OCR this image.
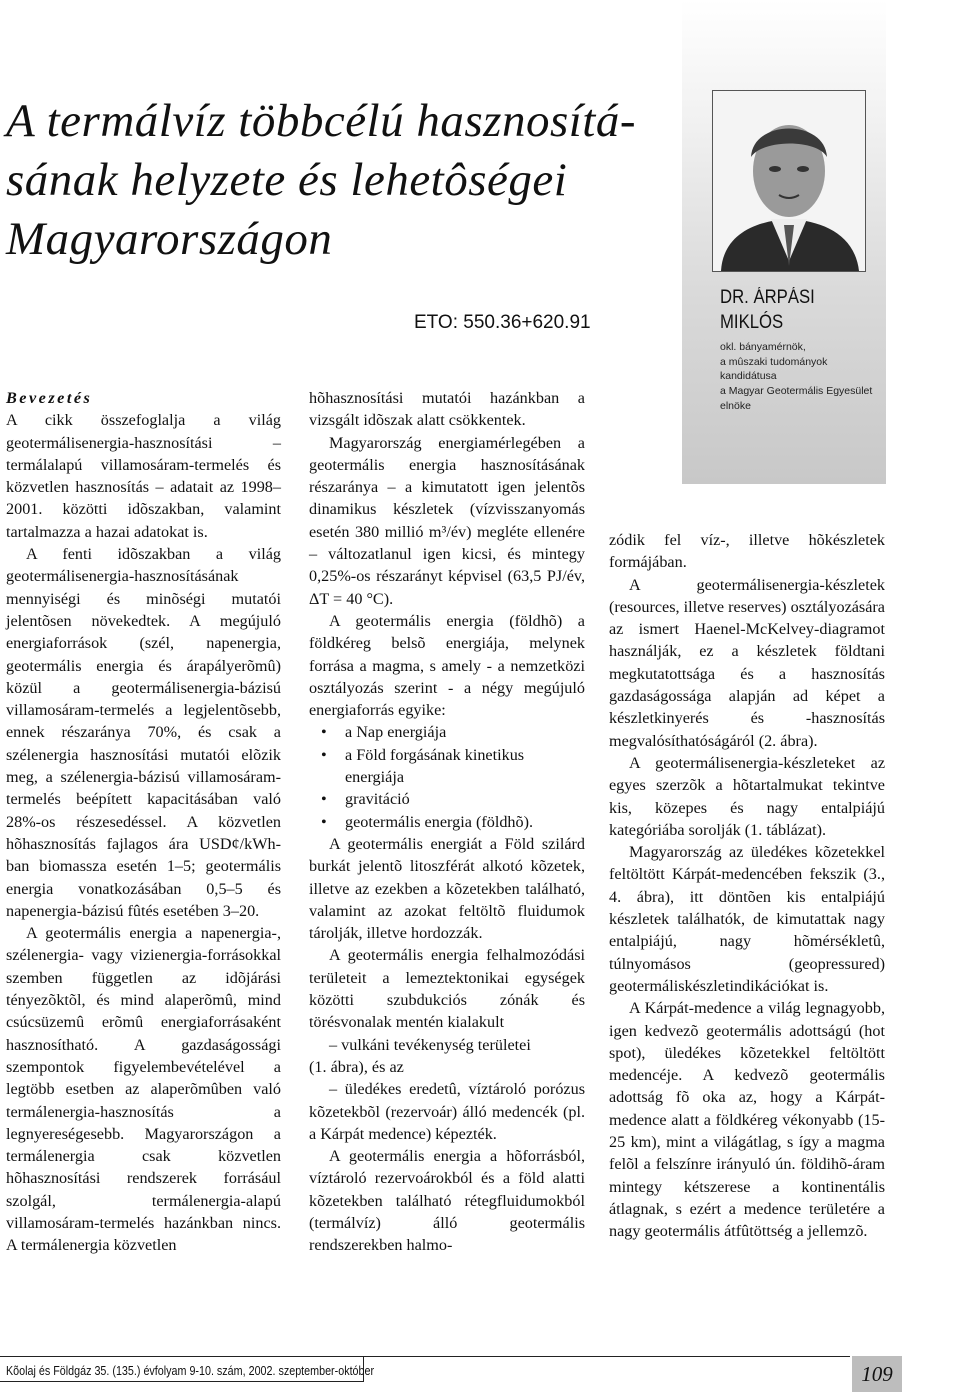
A termálvíz többcélú hasznosítá-
sának helyzete és lehetôségei
Magyarországon
ETO: 550.36+620.91
DR. ÁRPÁSI
MIKLÓS
okl. bányamérnök,
a mûszaki tudományok
kandidátusa
a Magyar Geotermális Egyesület
elnöke

Bevezetés

A cikk összefoglalja a világ geotermálisenergia-hasznosítási – termálalapú villamosáram-termelés és közvetlen hasznosítás – adatait az 1998–2001. közötti idõszakban, valamint tartalmazza a hazai adatokat is.

A fenti idõszakban a világ geotermálisenergia-hasznosításának mennyiségi és minõségi mutatói jelentõsen növekedtek. A megújuló energiaforrások (szél, napenergia, geotermális energia és árapályerõmû) közül a geotermálisenergia-bázisú villamosáram-termelés a legjelentõsebb, ennek részaránya 70%, és csak a szélenergia hasznosítási mutatói elõzik meg, a szélenergia-bázisú villamosáram-termelés beépített kapacitásában való 28%-os részesedéssel. A közvetlen hõhasznosítás fajlagos ára USD¢/kWh-ban biomassza esetén 1–5; geotermális energia vonatkozásában 0,5–5 és napenergia-bázisú fûtés esetében 3–20.

A geotermális energia a napenergia-, szélenergia- vagy vizienergia-forrásokkal szemben független az idõjárási tényezõktõl, és mind alaperõmû, mind csúcsüzemû erõmû energiaforrásaként hasznosítható. A gazdaságossági szempontok figyelembevételével a legtöbb esetben az alaperõmûben való termálenergia-hasznosítás a legnyereségesebb. Magyarországon a termálenergia csak közvetlen hõhasznosítási rendszerek forrásául szolgál, termálenergia-alapú villamosáram-termelés hazánkban nincs. A termálenergia közvetlen

hõhasznosítási mutatói hazánkban a vizsgált idõszak alatt csökkentek.

Magyarország energiamérlegében a geotermális energia hasznosításának részaránya – a kimutatott igen jelentõs dinamikus készletek (vízvisszanyomás esetén 380 millió m³/év) megléte ellenére – változatlanul igen kicsi, és mintegy 0,25%-os részarányt képvisel (63,5 PJ/év, ΔT = 40 °C).

A geotermális energia (földhõ) a földkéreg belsõ energiája, melynek forrása a magma, s amely - a nemzetközi osztályozás szerint - a négy megújuló energiaforrás egyike:

• a Nap energiája
• a Föld forgásának kinetikus energiája
• gravitáció
• geotermális energia (földhõ).

A geotermális energiát a Föld szilárd burkát jelentõ litoszférát alkotó kõzetek, illetve az ezekben a kõzetekben található, valamint az azokat feltöltõ fluidumok tárolják, illetve hordozzák.

A geotermális energia felhalmozódási területeit a lemeztektonikai egységek közötti szubdukciós zónák és törésvonalak mentén kialakult

– vulkáni tevékenység területei

(1. ábra), és az

– üledékes eredetû, víztároló porózus kõzetekbõl (rezervoár) álló medencék (pl. a Kárpát medence) képezték.

A geotermális energia a hõforrásból, víztároló rezervoárokból és a föld alatti kõzetekben található rétegfluidumokból (termálvíz) álló geotermális rendszerekben halmo-

zódik fel víz-, illetve hõkészletek formájában.

A geotermálisenergia-készletek (resources, illetve reserves) osztályozására az ismert Haenel-McKelvey-diagramot használják, ez a készletek földtani megkutatottsága és a hasznosítás gazdaságossága alapján ad képet a készletkinyerés és -hasznosítás megvalósíthatóságáról (2. ábra).

A geotermálisenergia-készleteket az egyes szerzõk a hõtartalmukat tekintve kis, közepes és nagy entalpiájú kategóriába sorolják (1. táblázat).

Magyarország az üledékes kõzetekkel feltöltött Kárpát-medencében fekszik (3., 4. ábra), itt döntõen kis entalpiájú készletek találhatók, de kimutattak nagy entalpiájú, nagy hõmérsékletû, túlnyomásos (geopressured) geotermáliskészletindikációkat is.

A Kárpát-medence a világ legnagyobb, igen kedvezõ geotermális adottságú (hot spot), üledékes kõzetekkel feltöltött medencéje. A kedvezõ geotermális adottság fõ oka az, hogy a Kárpát-medence alatt a földkéreg vékonyabb (15-25 km), mint a világátlag, s így a magma felõl a felszínre irányuló ún. földihõ-áram mintegy kétszerese a kontinentális átlagnak, s ezért a medence területére a nagy geotermális átfûtöttség a jellemzõ.

Kõolaj és Földgáz 35. (135.) évfolyam 9-10. szám, 2002. szeptember-október	109
